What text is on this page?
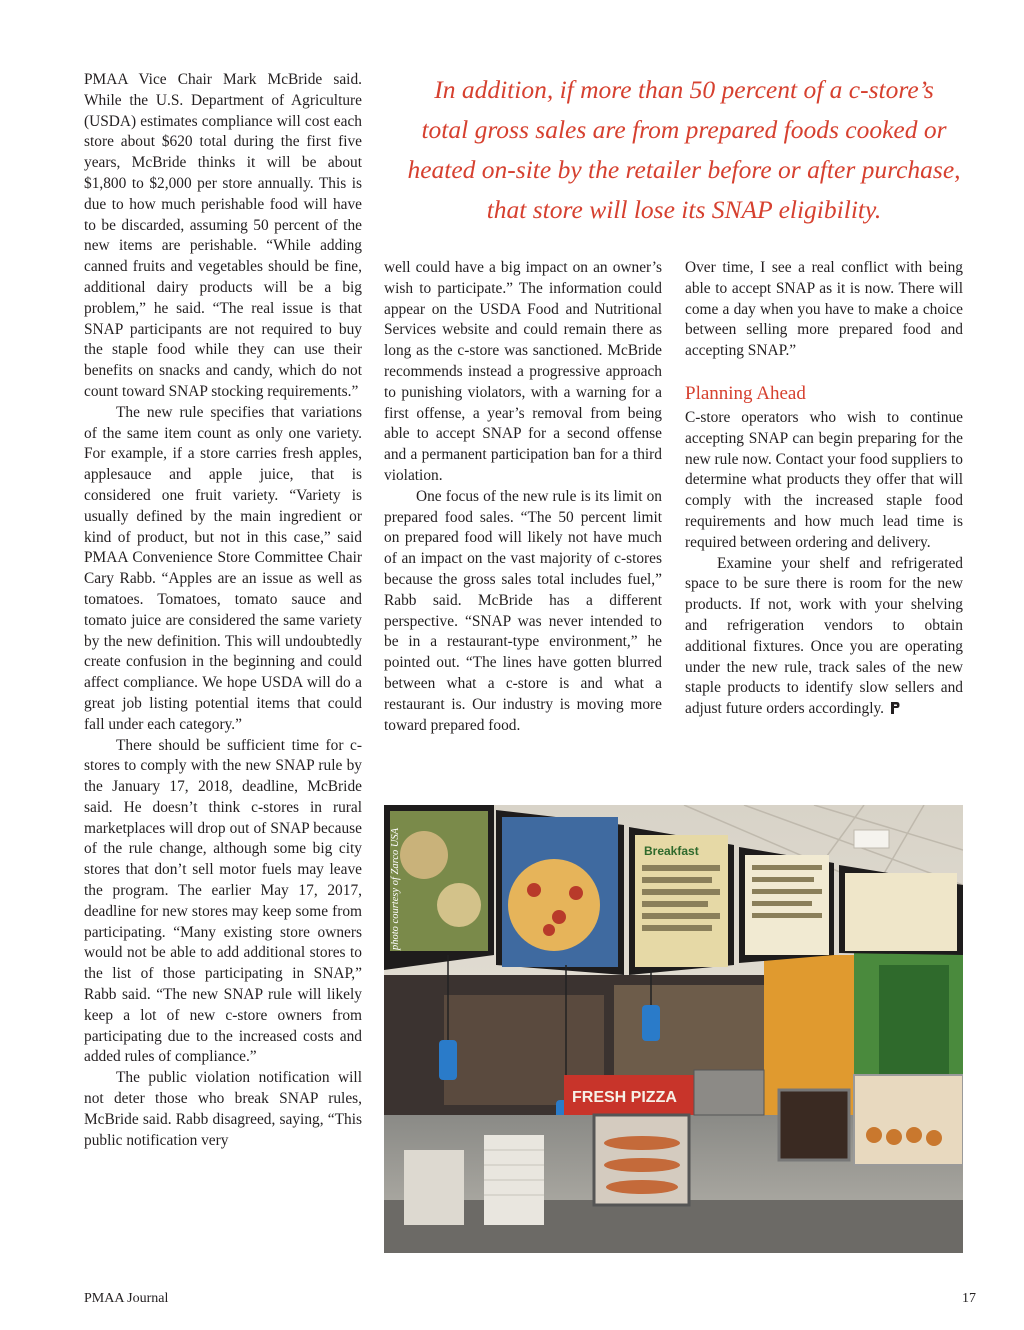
In addition, if more than 50 percent of a c-store’s
total gross sales are from prepared foods cooked or
heated on-site by the retailer before or after purchase,
that store will lose its SNAP eligibility.

PMAA Vice Chair Mark McBride said. While the U.S. Department of Agriculture (USDA) estimates compliance will cost each store about $620 total during the first five years, McBride thinks it will be about $1,800 to $2,000 per store annually. This is due to how much perishable food will have to be discarded, assuming 50 percent of the new items are perishable. “While adding canned fruits and vegetables should be fine, additional dairy products will be a big problem,” he said. “The real issue is that SNAP participants are not required to buy the staple food while they can use their benefits on snacks and candy, which do not count toward SNAP stocking requirements.”

The new rule specifies that variations of the same item count as only one variety. For example, if a store carries fresh apples, applesauce and apple juice, that is considered one fruit variety. “Variety is usually defined by the main ingredient or kind of product, but not in this case,” said PMAA Convenience Store Committee Chair Cary Rabb. “Apples are an issue as well as tomatoes. Tomatoes, tomato sauce and tomato juice are considered the same variety by the new definition. This will undoubtedly create confusion in the beginning and could affect compliance. We hope USDA will do a great job listing potential items that could fall under each category.”

There should be sufficient time for c-stores to comply with the new SNAP rule by the January 17, 2018, deadline, McBride said. He doesn’t think c-stores in rural marketplaces will drop out of SNAP because of the rule change, although some big city stores that don’t sell motor fuels may leave the program. The earlier May 17, 2017, deadline for new stores may keep some from participating. “Many existing store owners would not be able to add additional stores to the list of those participating in SNAP,” Rabb said. “The new SNAP rule will likely keep a lot of new c-store owners from participating due to the increased costs and added rules of compliance.”

The public violation notification will not deter those who break SNAP rules, McBride said. Rabb disagreed, saying, “This public notification very

well could have a big impact on an owner’s wish to participate.” The information could appear on the USDA Food and Nutritional Services website and could remain there as long as the c-store was sanctioned. McBride recommends instead a progressive approach to punishing violators, with a warning for a first offense, a year’s removal from being able to accept SNAP for a second offense and a permanent participation ban for a third violation.

One focus of the new rule is its limit on prepared food sales. “The 50 percent limit on prepared food will likely not have much of an impact on the vast majority of c-stores because the gross sales total includes fuel,” Rabb said. McBride has a different perspective. “SNAP was never intended to be in a restaurant-type environment,” he pointed out. “The lines have gotten blurred between what a c-store is and what a restaurant is. Our industry is moving more toward prepared food.

Over time, I see a real conflict with being able to accept SNAP as it is now. There will come a day when you have to make a choice between selling more prepared food and accepting SNAP.”

Planning Ahead

C-store operators who wish to continue accepting SNAP can begin preparing for the new rule now. Contact your food suppliers to determine what products they offer that will comply with the increased staple food requirements and how much lead time is required between ordering and delivery.

Examine your shelf and refrigerated space to be sure there is room for the new products. If not, work with your shelving and refrigeration vendors to obtain additional fixtures. Once you are operating under the new rule, track sales of the new staple products to identify slow sellers and adjust future orders accordingly.

Breakfast
FRESH PIZZA
photo courtesy of Zarco USA
PMAA Journal	17
